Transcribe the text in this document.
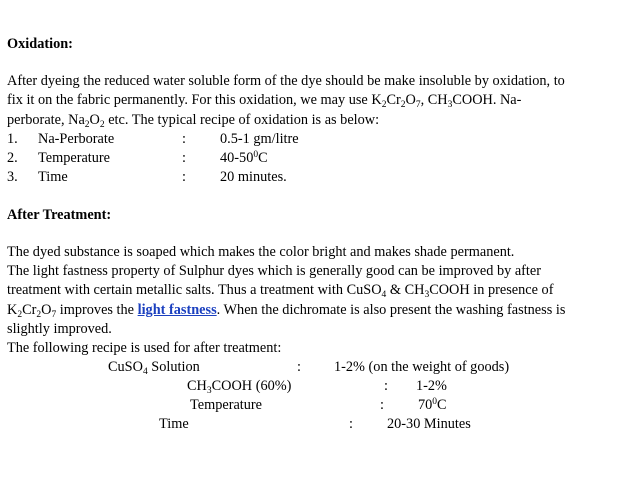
Oxidation:
After dyeing the reduced water soluble form of the dye should be make insoluble by oxidation, to
fix it on the fabric permanently. For this oxidation, we may use $K_2Cr_2O_7$, $CH_3COOH$. Na-
perborate, $Na_2O_2$ etc. The typical recipe of oxidation is as below:
1. Na-Perborate	: 0.5-1 gm/litre
2. Temperature	: $40-50^0C$
3. Time	: 20 minutes.
After Treatment:
The dyed substance is soaped which makes the color bright and makes shade permanent.
The light fastness property of Sulphur dyes which is generally good can be improved by after
treatment with certain metallic salts. Thus a treatment with CuSO$_4$ & $CH_3COOH$ in presence of
$K_2Cr_2O_7$ improves the light fastness. When the dichromate is also present the washing fastness is
slightly improved.
The following recipe is used for after treatment:
CuSO$_4$ Solution	: 1-2% (on the weight of goods)
$CH_3COOH$ (60%)	: 1-2%
Temperature	: $70^0C$
Time	: 20-30 Minutes
